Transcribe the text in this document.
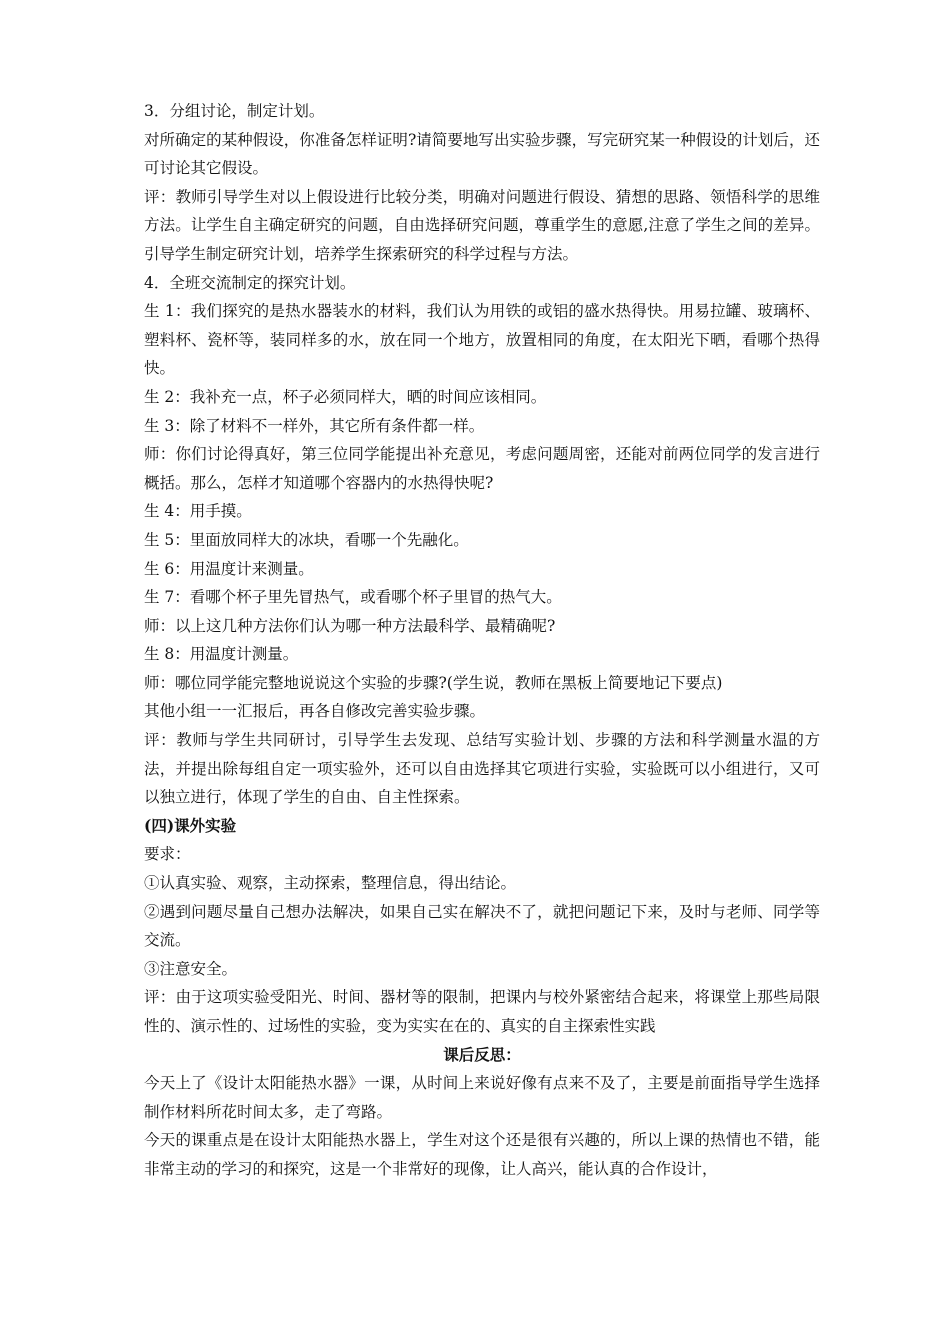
3．分组讨论，制定计划。

对所确定的某种假设，你准备怎样证明?请简要地写出实验步骤，写完研究某一种假设的计划后，还可讨论其它假设。

评：教师引导学生对以上假设进行比较分类，明确对问题进行假设、猜想的思路、领悟科学的思维方法。让学生自主确定研究的问题，自由选择研究问题，尊重学生的意愿,注意了学生之间的差异。引导学生制定研究计划，培养学生探索研究的科学过程与方法。

4．全班交流制定的探究计划。

生 1：我们探究的是热水器装水的材料，我们认为用铁的或铝的盛水热得快。用易拉罐、玻璃杯、塑料杯、瓷杯等，装同样多的水，放在同一个地方，放置相同的角度，在太阳光下晒，看哪个热得快。

生 2：我补充一点，杯子必须同样大，晒的时间应该相同。

生 3：除了材料不一样外，其它所有条件都一样。

师：你们讨论得真好，第三位同学能提出补充意见，考虑问题周密，还能对前两位同学的发言进行概括。那么，怎样才知道哪个容器内的水热得快呢?

生 4：用手摸。

生 5：里面放同样大的冰块，看哪一个先融化。

生 6：用温度计来测量。

生 7：看哪个杯子里先冒热气，或看哪个杯子里冒的热气大。

师：以上这几种方法你们认为哪一种方法最科学、最精确呢?

生 8：用温度计测量。

师：哪位同学能完整地说说这个实验的步骤?(学生说，教师在黑板上简要地记下要点)

其他小组一一汇报后，再各自修改完善实验步骤。

评：教师与学生共同研讨，引导学生去发现、总结写实验计划、步骤的方法和科学测量水温的方法，并提出除每组自定一项实验外，还可以自由选择其它项进行实验，实验既可以小组进行，又可以独立进行，体现了学生的自由、自主性探索。

(四)课外实验

要求：

①认真实验、观察，主动探索，整理信息，得出结论。

②遇到问题尽量自己想办法解决，如果自己实在解决不了，就把问题记下来，及时与老师、同学等交流。

③注意安全。

评：由于这项实验受阳光、时间、器材等的限制，把课内与校外紧密结合起来，将课堂上那些局限性的、演示性的、过场性的实验，变为实实在在的、真实的自主探索性实践

课后反思：

今天上了《设计太阳能热水器》一课，从时间上来说好像有点来不及了，主要是前面指导学生选择制作材料所花时间太多，走了弯路。

今天的课重点是在设计太阳能热水器上，学生对这个还是很有兴趣的，所以上课的热情也不错，能非常主动的学习的和探究，这是一个非常好的现像，让人高兴，能认真的合作设计，
